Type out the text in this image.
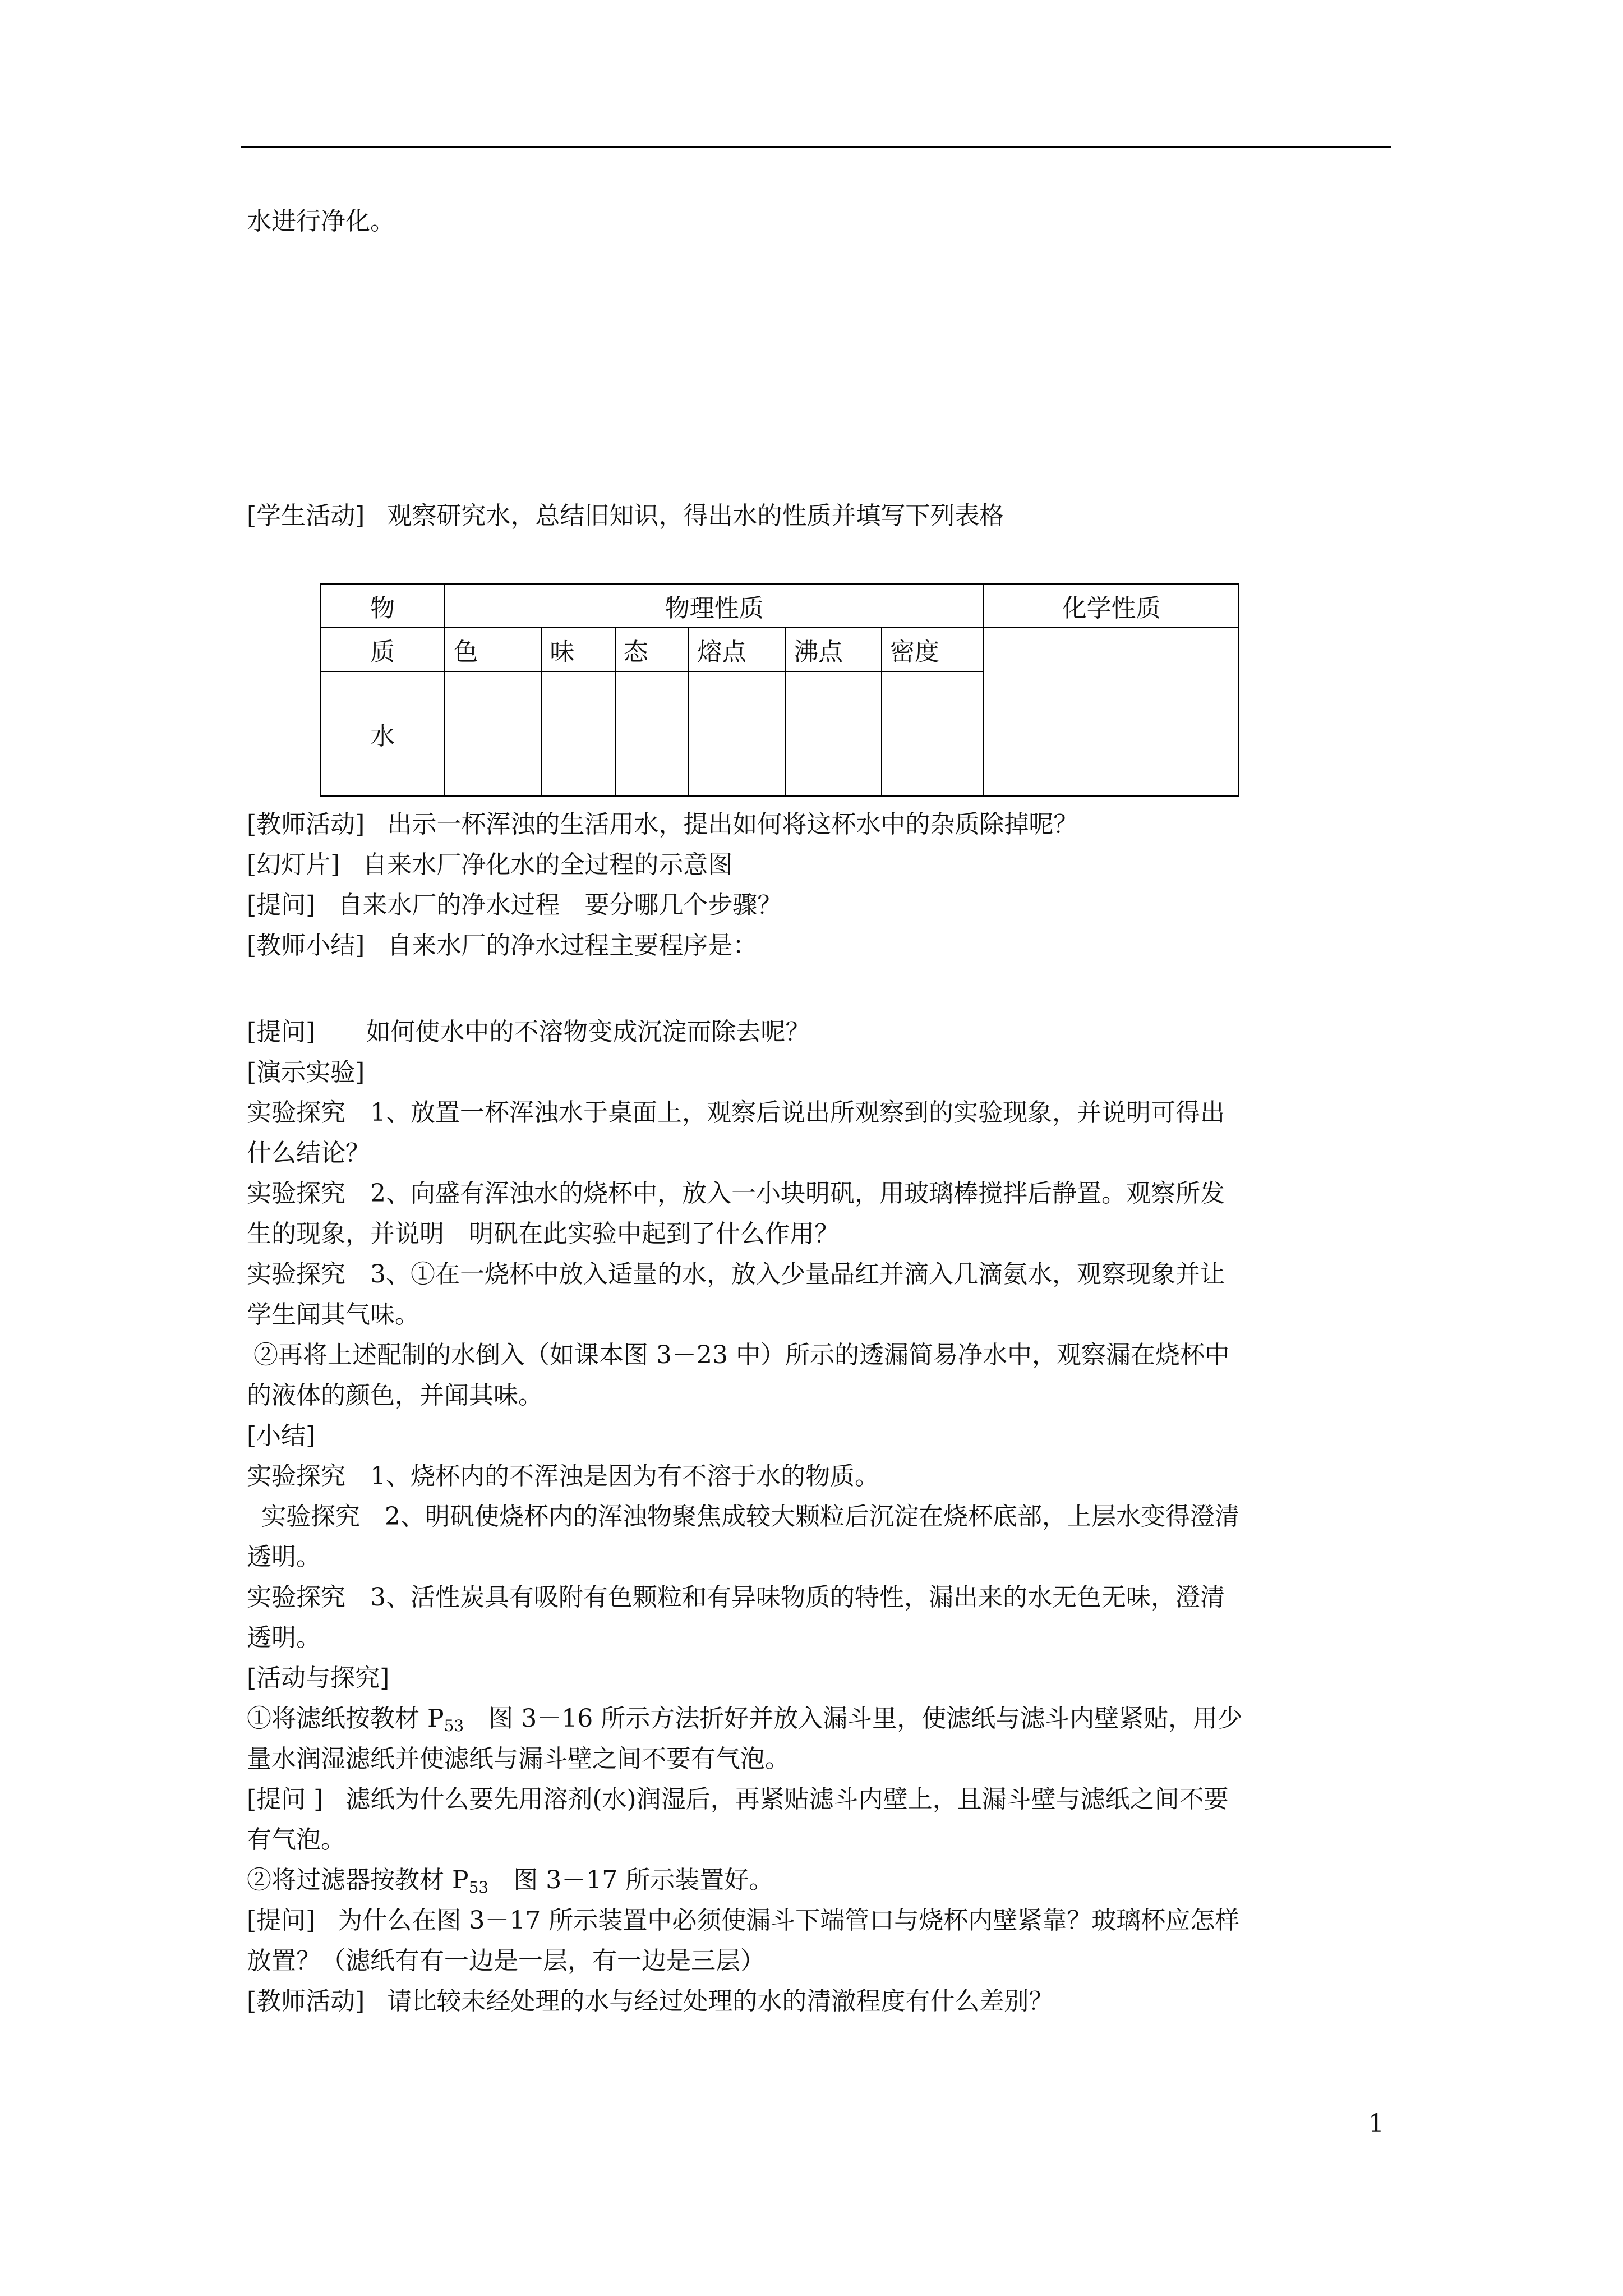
水进行净化。
[学生活动] 观察研究水，总结旧知识，得出水的性质并填写下列表格
物	物理性质						化学性质
质	色	味	态	熔点	沸点	密度	
水							
[教师活动] 出示一杯浑浊的生活用水，提出如何将这杯水中的杂质除掉呢？
[幻灯片] 自来水厂净化水的全过程的示意图
[提问] 自来水厂的净水过程　要分哪几个步骤？
[教师小结] 自来水厂的净水过程主要程序是：
[提问] 如何使水中的不溶物变成沉淀而除去呢？
[演示实验]
实验探究　1、放置一杯浑浊水于桌面上，观察后说出所观察到的实验现象，并说明可得出
什么结论？
实验探究　2、向盛有浑浊水的烧杯中，放入一小块明矾，用玻璃棒搅拌后静置。观察所发
生的现象，并说明　明矾在此实验中起到了什么作用？
实验探究　3、①在一烧杯中放入适量的水，放入少量品红并滴入几滴氨水，观察现象并让
学生闻其气味。
②再将上述配制的水倒入（如课本图 3－23 中）所示的透漏简易净水中，观察漏在烧杯中
的液体的颜色，并闻其味。
[小结]
实验探究　1、烧杯内的不浑浊是因为有不溶于水的物质。
实验探究　2、明矾使烧杯内的浑浊物聚焦成较大颗粒后沉淀在烧杯底部，上层水变得澄清
透明。
实验探究　3、活性炭具有吸附有色颗粒和有异味物质的特性，漏出来的水无色无味，澄清
透明。
[活动与探究]
①将滤纸按教材 $P_{53}$　图 3－16 所示方法折好并放入漏斗里，使滤纸与滤斗内壁紧贴，用少
量水润湿滤纸并使滤纸与漏斗壁之间不要有气泡。
[提问 ] 滤纸为什么要先用溶剂(水)润湿后，再紧贴滤斗内壁上，且漏斗壁与滤纸之间不要
有气泡。
②将过滤器按教材 $P_{53}$　图 3－17 所示装置好。
[提问] 为什么在图 3－17 所示装置中必须使漏斗下端管口与烧杯内壁紧靠？玻璃杯应怎样
放置？（滤纸有有一边是一层，有一边是三层）
[教师活动] 请比较未经处理的水与经过处理的水的清澈程度有什么差别？
1
